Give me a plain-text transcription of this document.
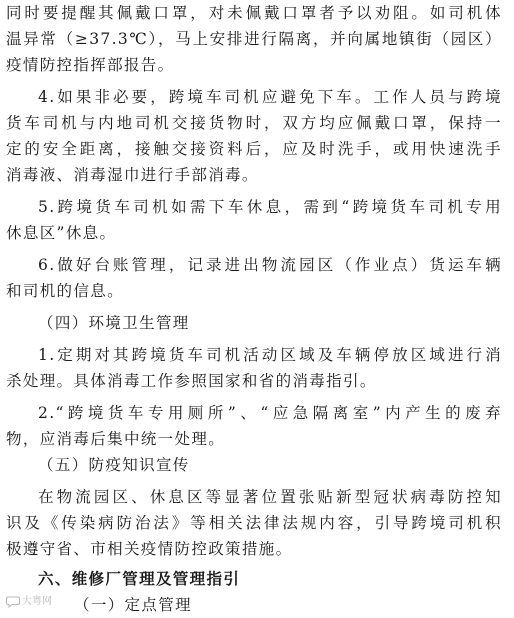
同时要提醒其佩戴口罩，对未佩戴口罩者予以劝阻。如司机体
温异常（≥37.3℃），马上安排进行隔离，并向属地镇街（园区）
疫情防控指挥部报告。
4.如果非必要，跨境车司机应避免下车。工作人员与跨境
货车司机与内地司机交接货物时，双方均应佩戴口罩，保持一
定的安全距离，接触交接资料后，应及时洗手，或用快速洗手
消毒液、消毒湿巾进行手部消毒。
5.跨境货车司机如需下车休息，需到“跨境货车司机专用
休息区”休息。
6.做好台账管理，记录进出物流园区（作业点）货运车辆
和司机的信息。
（四）环境卫生管理
1.定期对其跨境货车司机活动区域及车辆停放区域进行消
杀处理。具体消毒工作参照国家和省的消毒指引。
2.“跨境货车专用厕所”、“应急隔离室”内产生的废弃
物，应消毒后集中统一处理。
（五）防疫知识宣传
在物流园区、休息区等显著位置张贴新型冠状病毒防控知
识及《传染病防治法》等相关法律法规内容，引导跨境司机积
极遵守省、市相关疫情防控政策措施。
六、维修厂管理及管理指引
（一）定点管理
大粤网
